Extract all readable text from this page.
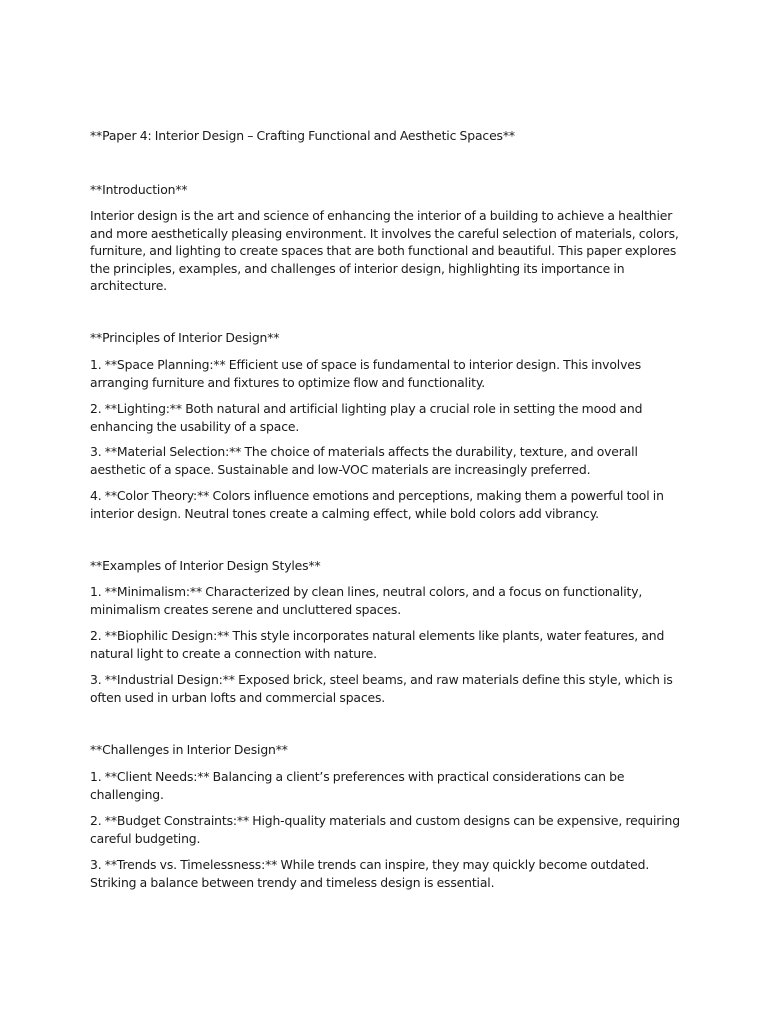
**Paper 4: Interior Design – Crafting Functional and Aesthetic Spaces**

**Introduction**

Interior design is the art and science of enhancing the interior of a building to achieve a healthier
and more aesthetically pleasing environment. It involves the careful selection of materials, colors,
furniture, and lighting to create spaces that are both functional and beautiful. This paper explores
the principles, examples, and challenges of interior design, highlighting its importance in
architecture.

**Principles of Interior Design**

1. **Space Planning:** Efficient use of space is fundamental to interior design. This involves
arranging furniture and fixtures to optimize flow and functionality.

2. **Lighting:** Both natural and artificial lighting play a crucial role in setting the mood and
enhancing the usability of a space.

3. **Material Selection:** The choice of materials affects the durability, texture, and overall
aesthetic of a space. Sustainable and low-VOC materials are increasingly preferred.

4. **Color Theory:** Colors influence emotions and perceptions, making them a powerful tool in
interior design. Neutral tones create a calming effect, while bold colors add vibrancy.

**Examples of Interior Design Styles**

1. **Minimalism:** Characterized by clean lines, neutral colors, and a focus on functionality,
minimalism creates serene and uncluttered spaces.

2. **Biophilic Design:** This style incorporates natural elements like plants, water features, and
natural light to create a connection with nature.

3. **Industrial Design:** Exposed brick, steel beams, and raw materials define this style, which is
often used in urban lofts and commercial spaces.

**Challenges in Interior Design**

1. **Client Needs:** Balancing a client’s preferences with practical considerations can be
challenging.

2. **Budget Constraints:** High-quality materials and custom designs can be expensive, requiring
careful budgeting.

3. **Trends vs. Timelessness:** While trends can inspire, they may quickly become outdated.
Striking a balance between trendy and timeless design is essential.
